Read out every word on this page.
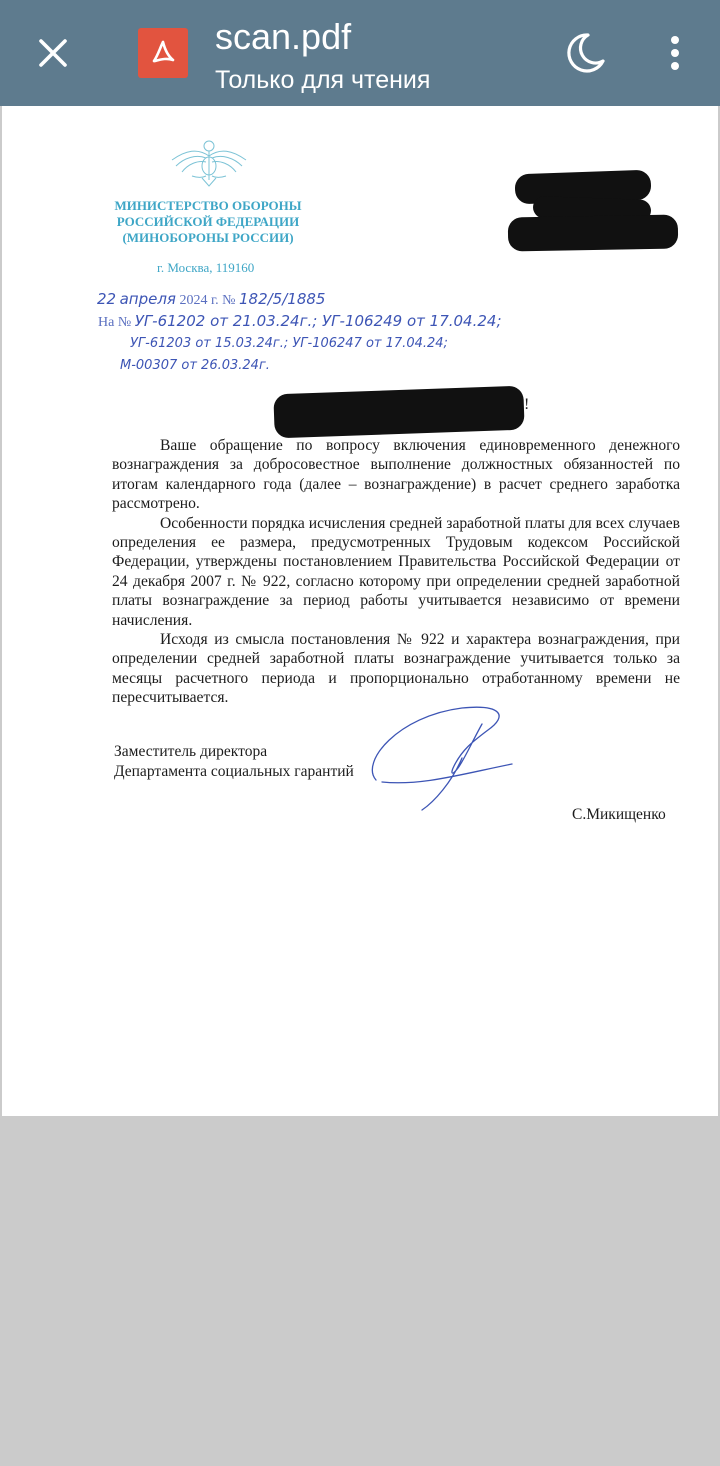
scan.pdf
Только для чтения
МИНИСТЕРСТВО ОБОРОНЫ
РОССИЙСКОЙ ФЕДЕРАЦИИ
(МИНОБОРОНЫ РОССИИ)
г. Москва, 119160
22 апреля 2024 г. № 182/5/1885
На № УГ-61202 от 21.03.24г.; УГ-106249 от 17.04.24;
УГ-61203 от 15.03.24г.; УГ-106247 от 17.04.24;
М-00307 от 26.03.24г.
!

Ваше обращение по вопросу включения единовременного денежного вознаграждения за добросовестное выполнение должностных обязанностей по итогам календарного года (далее – вознаграждение) в расчет среднего заработка рассмотрено.

Особенности порядка исчисления средней заработной платы для всех случаев определения ее размера, предусмотренных Трудовым кодексом Российской Федерации, утверждены постановлением Правительства Российской Федерации от 24 декабря 2007 г. № 922, согласно которому при определении средней заработной платы вознаграждение за период работы учитывается независимо от времени начисления.

Исходя из смысла постановления № 922 и характера вознаграждения, при определении средней заработной платы вознаграждение учитывается только за месяцы расчетного периода и пропорционально отработанному времени не пересчитывается.

Заместитель директора
Департамента социальных гарантий
С.Микищенко
